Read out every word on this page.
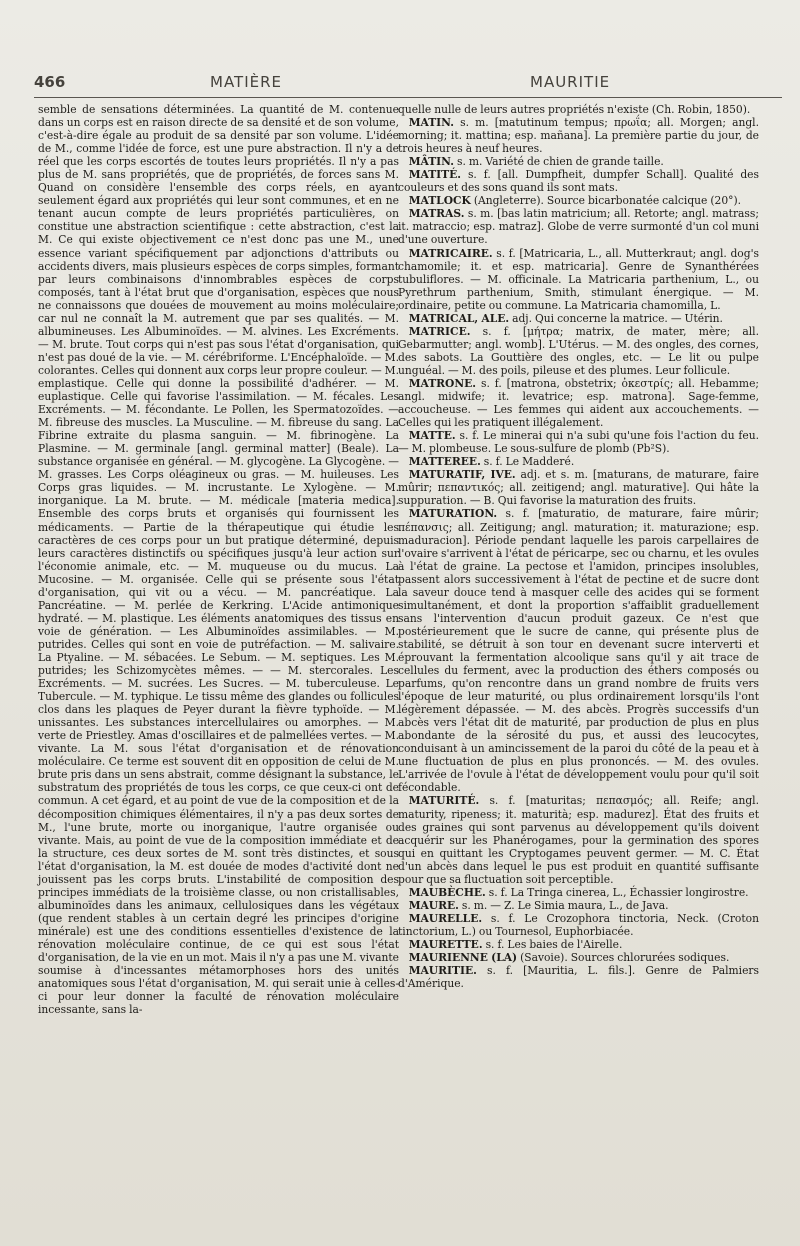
466	MATIÈRE	MAURITIE

semble de sensations déterminées. La quantité de M. contenue dans un corps est en raison directe de sa densité et de son volume, c'est-à-dire égale au produit de sa densité par son volume. L'idée de M., comme l'idée de force, est une pure abstraction. Il n'y a de réel que les corps escortés de toutes leurs propriétés. Il n'y a pas plus de M. sans propriétés, que de propriétés, de forces sans M. Quand on considère l'ensemble des corps réels, en ayant seulement égard aux propriétés qui leur sont communes, et en ne tenant aucun compte de leurs propriétés particulières, on constitue une abstraction scientifique : cette abstraction, c'est la M. Ce qui existe objectivement ce n'est donc pas une M., une essence variant spécifiquement par adjonctions d'attributs ou accidents divers, mais plusieurs espèces de corps simples, formant par leurs combinaisons d'innombrables espèces de corps composés, tant à l'état brut que d'organisation, espèces que nous ne connaissons que douées de mouvement au moins moléculaire; car nul ne connaît la M. autrement que par ses qualités. — M. albumineuses. Les Albuminoïdes. — M. alvines. Les Excréments. — M. brute. Tout corps qui n'est pas sous l'état d'organisation, qui n'est pas doué de la vie. — M. cérébriforme. L'Encéphaloïde. — M. colorantes. Celles qui donnent aux corps leur propre couleur. — M. emplastique. Celle qui donne la possibilité d'adhérer. — M. euplastique. Celle qui favorise l'assimilation. — M. fécales. Les Excréments. — M. fécondante. Le Pollen, les Spermatozoïdes. — M. fibreuse des muscles. La Musculine. — M. fibreuse du sang. La Fibrine extraite du plasma sanguin. — M. fibrinogène. La Plasmine. — M. germinale [angl. germinal matter] (Beale). La substance organisée en général. — M. glycogène. La Glycogène. — M. grasses. Les Corps oléagineux ou gras. — M. huileuses. Les Corps gras liquides. — M. incrustante. Le Xylogène. — M. inorganique. La M. brute. — M. médicale [materia medica]. Ensemble des corps bruts et organisés qui fournissent les médicaments. — Partie de la thérapeutique qui étudie les caractères de ces corps pour un but pratique déterminé, depuis leurs caractères distinctifs ou spécifiques jusqu'à leur action sur l'économie animale, etc. — M. muqueuse ou du mucus. La Mucosine. — M. organisée. Celle qui se présente sous l'état d'organisation, qui vit ou a vécu. — M. pancréatique. La Pancréatine. — M. perlée de Kerkring. L'Acide antimonique hydraté. — M. plastique. Les éléments anatomiques des tissus en voie de génération. — Les Albuminoïdes assimilables. — M. putrides. Celles qui sont en voie de putréfaction. — M. salivaire. La Ptyaline. — M. sébacées. Le Sebum. — M. septiques. Les M. putrides; les Schizomycètes mêmes. — — M. stercorales. Les Excréments. — M. sucrées. Les Sucres. — M. tuberculeuse. Le Tubercule. — M. typhique. Le tissu même des glandes ou follicules clos dans les plaques de Peyer durant la fièvre typhoïde. — M. unissantes. Les substances intercellulaires ou amorphes. — M. verte de Priestley. Amas d'oscillaires et de palmellées vertes. — M. vivante. La M. sous l'état d'organisation et de rénovation moléculaire. Ce terme est souvent dit en opposition de celui de M. brute pris dans un sens abstrait, comme désignant la substance, le substratum des propriétés de tous les corps, ce que ceux-ci ont de commun. A cet égard, et au point de vue de la composition et de la décomposition chimiques élémentaires, il n'y a pas deux sortes de M., l'une brute, morte ou inorganique, l'autre organisée ou vivante. Mais, au point de vue de la composition immédiate et de la structure, ces deux sortes de M. sont très distinctes, et sous l'état d'organisation, la M. est douée de modes d'activité dont ne jouissent pas les corps bruts. L'instabilité de composition des principes immédiats de la troisième classe, ou non cristallisables, albuminoïdes dans les animaux, cellulosiques dans les végétaux (que rendent stables à un certain degré les principes d'origine minérale) est une des conditions essentielles d'existence de la rénovation moléculaire continue, de ce qui est sous l'état d'organisation, de la vie en un mot. Mais il n'y a pas une M. vivante soumise à d'incessantes métamorphoses hors des unités anatomiques sous l'état d'organisation, M. qui serait unie à celles-ci pour leur donner la faculté de rénovation moléculaire incessante, sans la-

quelle nulle de leurs autres propriétés n'existe (Ch. Robin, 1850).

 MATIN. s. m. [matutinum tempus; πρωΐα; all. Morgen; angl. morning; it. mattina; esp. mañana]. La première partie du jour, de trois heures à neuf heures.

 MÂTIN. s. m. Variété de chien de grande taille.

 MATITÉ. s. f. [all. Dumpfheit, dumpfer Schall]. Qualité des couleurs et des sons quand ils sont mats.

 MATLOCK (Angleterre). Source bicarbonatée calcique (20°).

 MATRAS. s. m. [bas latin matricium; all. Retorte; angl. matrass; it. matraccio; esp. matraz]. Globe de verre surmonté d'un col muni d'une ouverture.

 MATRICAIRE. s. f. [Matricaria, L., all. Mutterkraut; angl. dog's chamomile; it. et esp. matricaria]. Genre de Synanthérées tubuliflores. — M. officinale. La Matricaria parthenium, L., ou Pyrethrum parthenium, Smith, stimulant énergique. — M. ordinaire, petite ou commune. La Matricaria chamomilla, L.

 MATRICAL, ALE. adj. Qui concerne la matrice. — Utérin.

 MATRICE. s. f. [μήτρα; matrix, de mater, mère; all. Gebarmutter; angl. womb]. L'Utérus. — M. des ongles, des cornes, des sabots. La Gouttière des ongles, etc. — Le lit ou pulpe unguéal. — M. des poils, pileuse et des plumes. Leur follicule.

 MATRONE. s. f. [matrona, obstetrix; ὀκεστρίς; all. Hebamme; angl. midwife; it. levatrice; esp. matrona]. Sage-femme, accoucheuse. — Les femmes qui aident aux accouchements. — Celles qui les pratiquent illégalement.

 MATTE. s. f. Le minerai qui n'a subi qu'une fois l'action du feu. — M. plombeuse. Le sous-sulfure de plomb (Pb²S).

 MATTEREE. s. f. Le Madderé.

 MATURATIF, IVE. adj. et s. m. [maturans, de maturare, faire mûrir; πεπαντικός; all. zeitigend; angl. maturative]. Qui hâte la suppuration. — B. Qui favorise la maturation des fruits.

 MATURATION. s. f. [maturatio, de maturare, faire mûrir; πέπανσις; all. Zeitigung; angl. maturation; it. maturazione; esp. maduracion]. Période pendant laquelle les parois carpellaires de l'ovaire s'arrivent à l'état de péricarpe, sec ou charnu, et les ovules à l'état de graine. La pectose et l'amidon, principes insolubles, passent alors successivement à l'état de pectine et de sucre dont la saveur douce tend à masquer celle des acides qui se forment simultanément, et dont la proportion s'affaiblit graduellement sans l'intervention d'aucun produit gazeux. Ce n'est que postérieurement que le sucre de canne, qui présente plus de stabilité, se détruit à son tour en devenant sucre interverti et éprouvant la fermentation alcoolique sans qu'il y ait trace de cellules du ferment, avec la production des éthers composés ou parfums, qu'on rencontre dans un grand nombre de fruits vers l'époque de leur maturité, ou plus ordinairement lorsqu'ils l'ont légèrement dépassée. — M. des abcès. Progrès successifs d'un abcès vers l'état dit de maturité, par production de plus en plus abondante de la sérosité du pus, et aussi des leucocytes, conduisant à un amincissement de la paroi du côté de la peau et à une fluctuation de plus en plus prononcés. — M. des ovules. L'arrivée de l'ovule à l'état de développement voulu pour qu'il soit fécondable.

 MATURITÉ. s. f. [maturitas; πεπασμός; all. Reife; angl. maturity, ripeness; it. maturità; esp. madurez]. État des fruits et des graines qui sont parvenus au développement qu'ils doivent acquérir sur les Phanérogames, pour la germination des spores qui en quittant les Cryptogames peuvent germer. — M. C. État d'un abcès dans lequel le pus est produit en quantité suffisante pour que sa fluctuation soit perceptible.

 MAUBÈCHE. s. f. La Tringa cinerea, L., Échassier longirostre.

 MAURE. s. m. — Z. Le Simia maura, L., de Java.

 MAURELLE. s. f. Le Crozophora tinctoria, Neck. (Croton tinctorium, L.) ou Tournesol, Euphorbiacée.

 MAURETTE. s. f. Les baies de l'Airelle.

 MAURIENNE (LA) (Savoie). Sources chlorurées sodiques.

 MAURITIE. s. f. [Mauritia, L. fils.]. Genre de Palmiers d'Amérique.
